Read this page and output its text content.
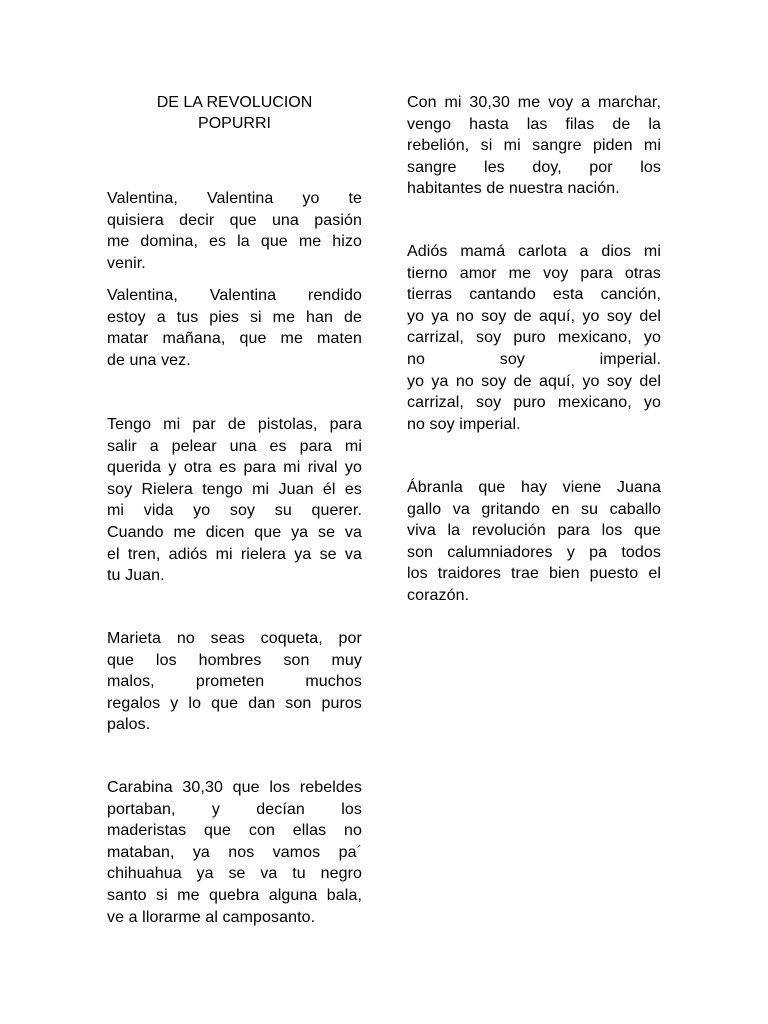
DE LA REVOLUCION
POPURRI
Valentina, Valentina yo te
quisiera decir que una pasión
me domina, es la que me hizo
venir.
Valentina, Valentina rendido
estoy a tus pies si me han de
matar mañana, que me maten
de una vez.
Tengo mi par de pistolas, para
salir a pelear una es para mi
querida y otra es para mi rival yo
soy Rielera tengo mi Juan él es
mi vida yo soy su querer.
Cuando me dicen que ya se va
el tren, adiós mi rielera ya se va
tu Juan.
Marieta no seas coqueta, por
que los hombres son muy
malos, prometen muchos
regalos y lo que dan son puros
palos.
Carabina 30,30 que los rebeldes
portaban, y decían los
maderistas que con ellas no
mataban, ya nos vamos pa´
chihuahua ya se va tu negro
santo si me quebra alguna bala,
ve a llorarme al camposanto.
Con mi 30,30 me voy a marchar,
vengo hasta las filas de la
rebelión, si mi sangre piden mi
sangre les doy, por los
habitantes de nuestra nación.
Adiós mamá carlota a dios mi
tierno amor me voy para otras
tierras cantando esta canción,
yo ya no soy de aquí, yo soy del
carrizal, soy puro mexicano, yo
no soy imperial.
yo ya no soy de aquí, yo soy del
carrizal, soy puro mexicano, yo
no soy imperial.
Ábranla que hay viene Juana
gallo va gritando en su caballo
viva la revolución para los que
son calumniadores y pa todos
los traidores trae bien puesto el
corazón.
